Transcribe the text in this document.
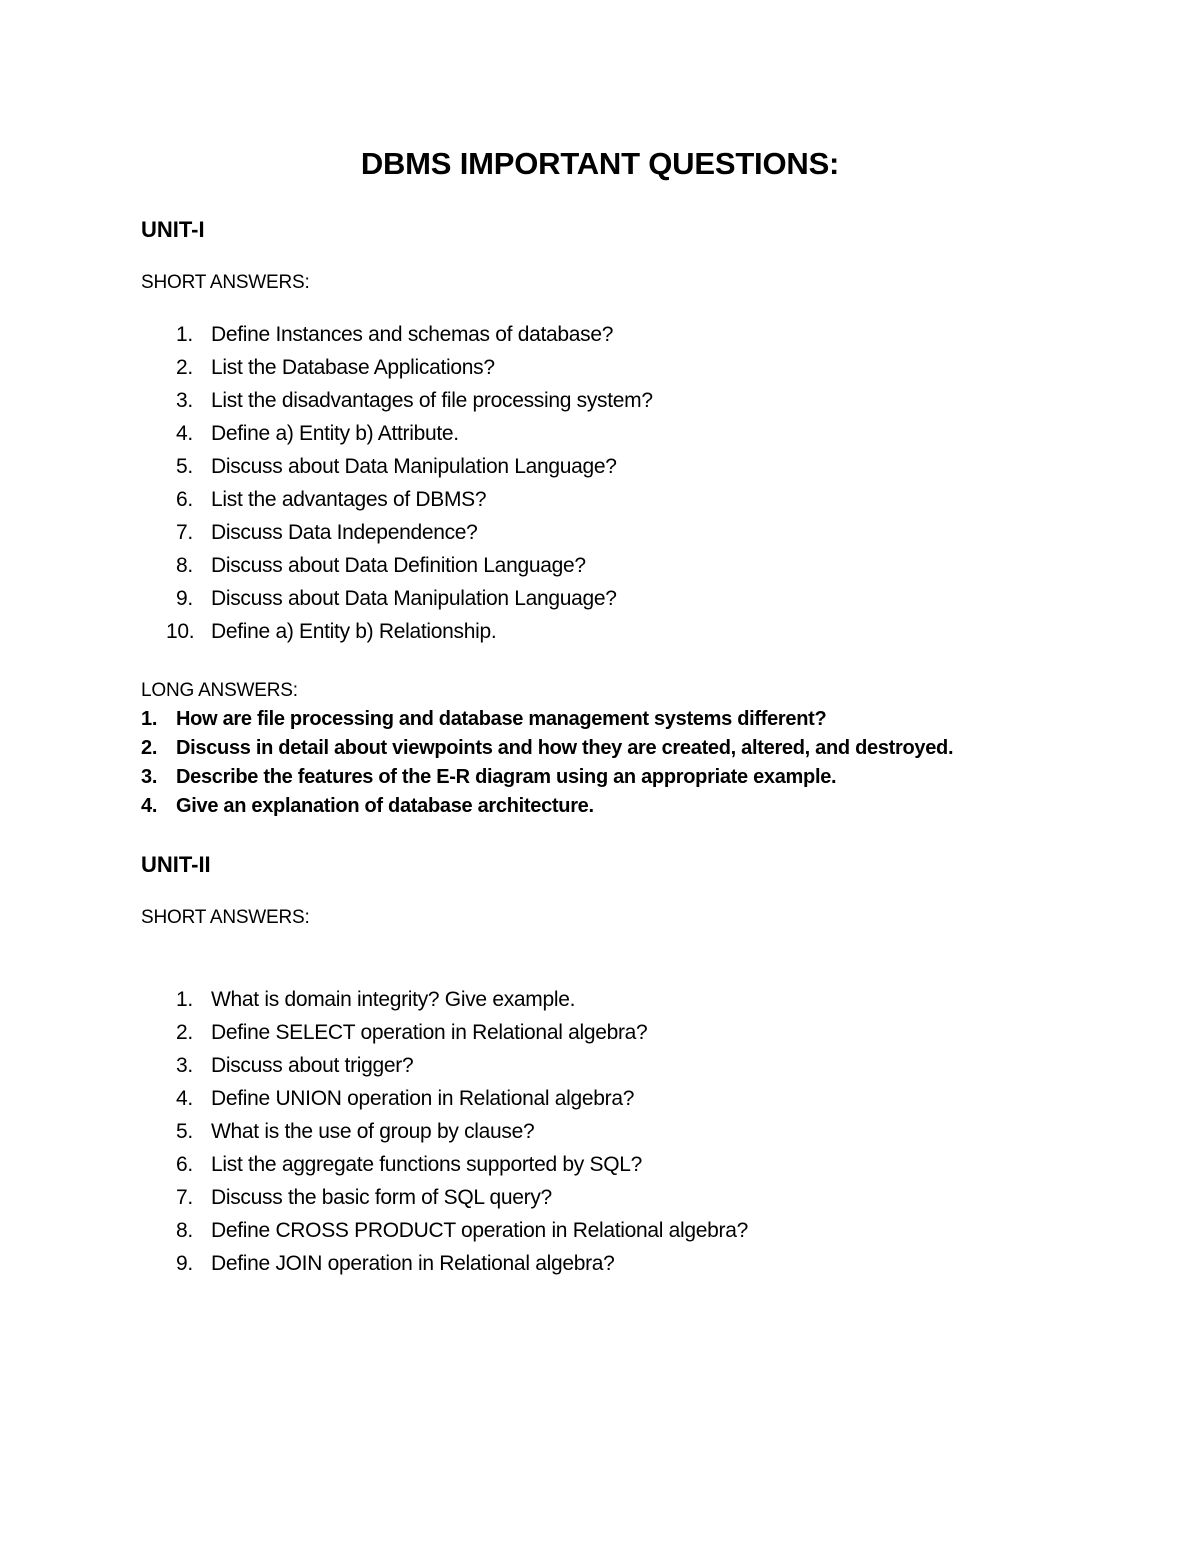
DBMS IMPORTANT QUESTIONS:
UNIT-I
SHORT ANSWERS:
1. Define Instances and schemas of database?
2. List the Database Applications?
3. List the disadvantages of file processing system?
4. Define a) Entity b) Attribute.
5. Discuss about Data Manipulation Language?
6. List the advantages of DBMS?
7. Discuss Data Independence?
8. Discuss about Data Definition Language?
9. Discuss about Data Manipulation Language?
10. Define a) Entity b) Relationship.
LONG ANSWERS:
1. How are file processing and database management systems different?
2. Discuss in detail about viewpoints and how they are created, altered, and destroyed.
3. Describe the features of the E-R diagram using an appropriate example.
4. Give an explanation of database architecture.
UNIT-II
SHORT ANSWERS:
1. What is domain integrity? Give example.
2. Define SELECT operation in Relational algebra?
3. Discuss about trigger?
4. Define UNION operation in Relational algebra?
5. What is the use of group by clause?
6. List the aggregate functions supported by SQL?
7. Discuss the basic form of SQL query?
8. Define CROSS PRODUCT operation in Relational algebra?
9. Define JOIN operation in Relational algebra?
